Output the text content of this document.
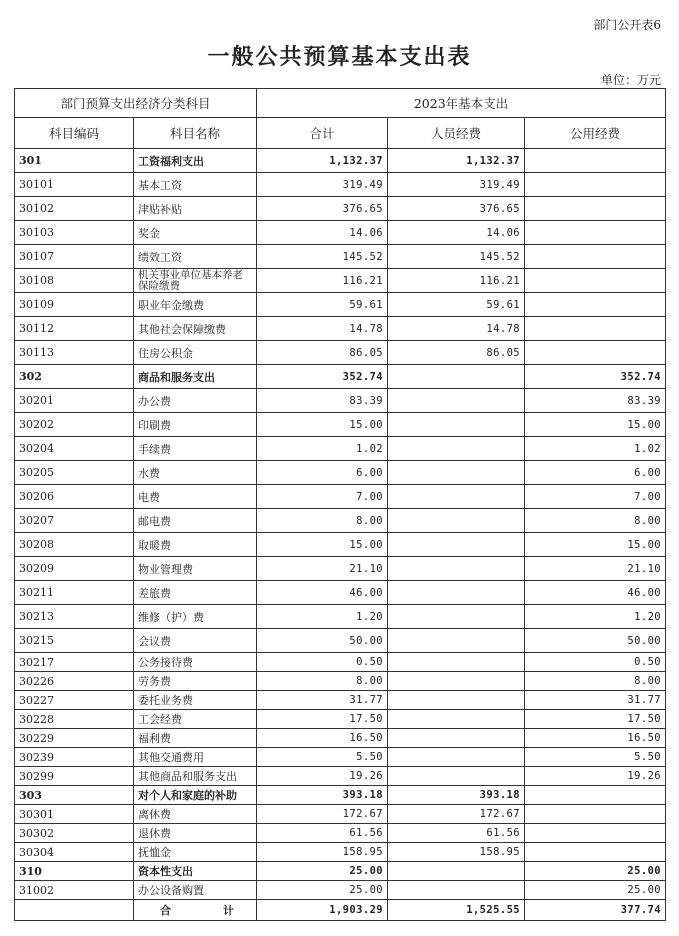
部门公开表6
一般公共预算基本支出表
单位：万元
部门预算支出经济分类科目		2023年基本支出		
科目编码	科目名称	合计	人员经费	公用经费
301	工资福利支出	1,132.37	1,132.37	
30101	基本工资	319.49	319.49	
30102	津贴补贴	376.65	376.65	
30103	奖金	14.06	14.06	
30107	绩效工资	145.52	145.52	
30108	机关事业单位基本养老保险缴费	116.21	116.21	
30109	职业年金缴费	59.61	59.61	
30112	其他社会保障缴费	14.78	14.78	
30113	住房公积金	86.05	86.05	
302	商品和服务支出	352.74		352.74
30201	办公费	83.39		83.39
30202	印刷费	15.00		15.00
30204	手续费	1.02		1.02
30205	水费	6.00		6.00
30206	电费	7.00		7.00
30207	邮电费	8.00		8.00
30208	取暖费	15.00		15.00
30209	物业管理费	21.10		21.10
30211	差旅费	46.00		46.00
30213	维修（护）费	1.20		1.20
30215	会议费	50.00		50.00
30217	公务接待费	0.50		0.50
30226	劳务费	8.00		8.00
30227	委托业务费	31.77		31.77
30228	工会经费	17.50		17.50
30229	福利费	16.50		16.50
30239	其他交通费用	5.50		5.50
30299	其他商品和服务支出	19.26		19.26
303	对个人和家庭的补助	393.18	393.18	
30301	离休费	172.67	172.67	
30302	退休费	61.56	61.56	
30304	抚恤金	158.95	158.95	
310	资本性支出	25.00		25.00
31002	办公设备购置	25.00		25.00

	合 计	1,903.29	1,525.55	377.74
